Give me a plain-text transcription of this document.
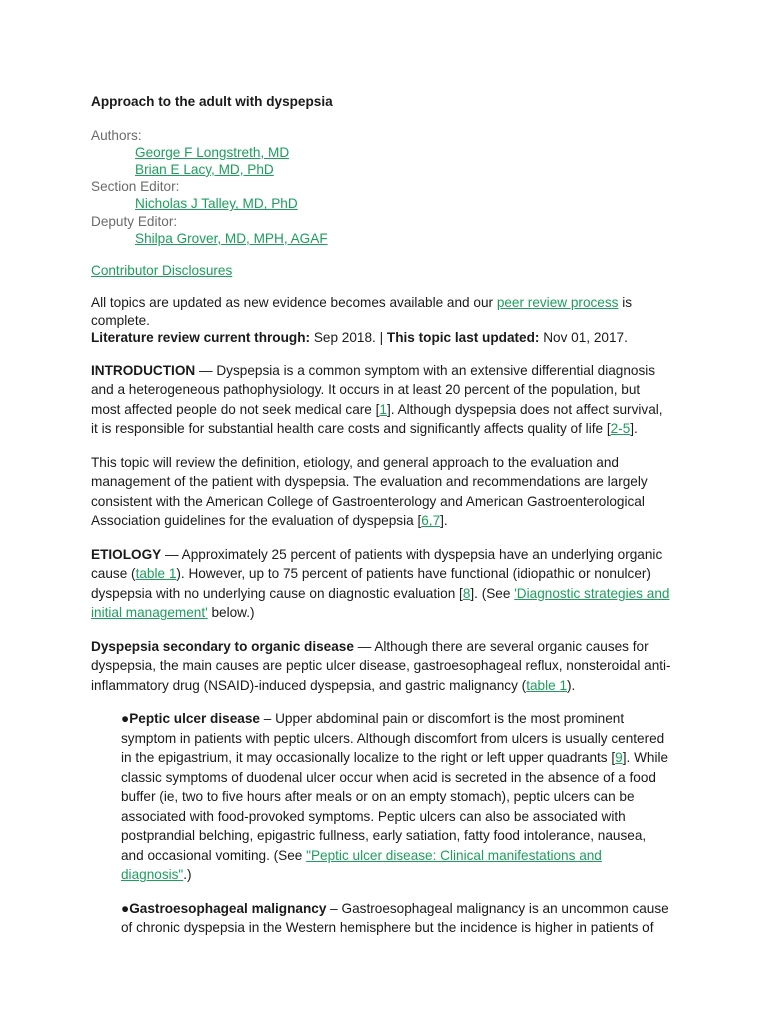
Approach to the adult with dyspepsia
Authors:
George F Longstreth, MD
Brian E Lacy, MD, PhD
Section Editor:
Nicholas J Talley, MD, PhD
Deputy Editor:
Shilpa Grover, MD, MPH, AGAF
Contributor Disclosures
All topics are updated as new evidence becomes available and our peer review process is complete.
Literature review current through: Sep 2018. | This topic last updated: Nov 01, 2017.

INTRODUCTION — Dyspepsia is a common symptom with an extensive differential diagnosis and a heterogeneous pathophysiology. It occurs in at least 20 percent of the population, but most affected people do not seek medical care [1]. Although dyspepsia does not affect survival, it is responsible for substantial health care costs and significantly affects quality of life [2-5].

This topic will review the definition, etiology, and general approach to the evaluation and management of the patient with dyspepsia. The evaluation and recommendations are largely consistent with the American College of Gastroenterology and American Gastroenterological Association guidelines for the evaluation of dyspepsia [6,7].

ETIOLOGY — Approximately 25 percent of patients with dyspepsia have an underlying organic cause (table 1). However, up to 75 percent of patients have functional (idiopathic or nonulcer) dyspepsia with no underlying cause on diagnostic evaluation [8]. (See 'Diagnostic strategies and initial management' below.)

Dyspepsia secondary to organic disease — Although there are several organic causes for dyspepsia, the main causes are peptic ulcer disease, gastroesophageal reflux, nonsteroidal anti-inflammatory drug (NSAID)-induced dyspepsia, and gastric malignancy (table 1).

●Peptic ulcer disease – Upper abdominal pain or discomfort is the most prominent symptom in patients with peptic ulcers. Although discomfort from ulcers is usually centered in the epigastrium, it may occasionally localize to the right or left upper quadrants [9]. While classic symptoms of duodenal ulcer occur when acid is secreted in the absence of a food buffer (ie, two to five hours after meals or on an empty stomach), peptic ulcers can be associated with food-provoked symptoms. Peptic ulcers can also be associated with postprandial belching, epigastric fullness, early satiation, fatty food intolerance, nausea, and occasional vomiting. (See "Peptic ulcer disease: Clinical manifestations and diagnosis".)

●Gastroesophageal malignancy – Gastroesophageal malignancy is an uncommon cause of chronic dyspepsia in the Western hemisphere but the incidence is higher in patients of
